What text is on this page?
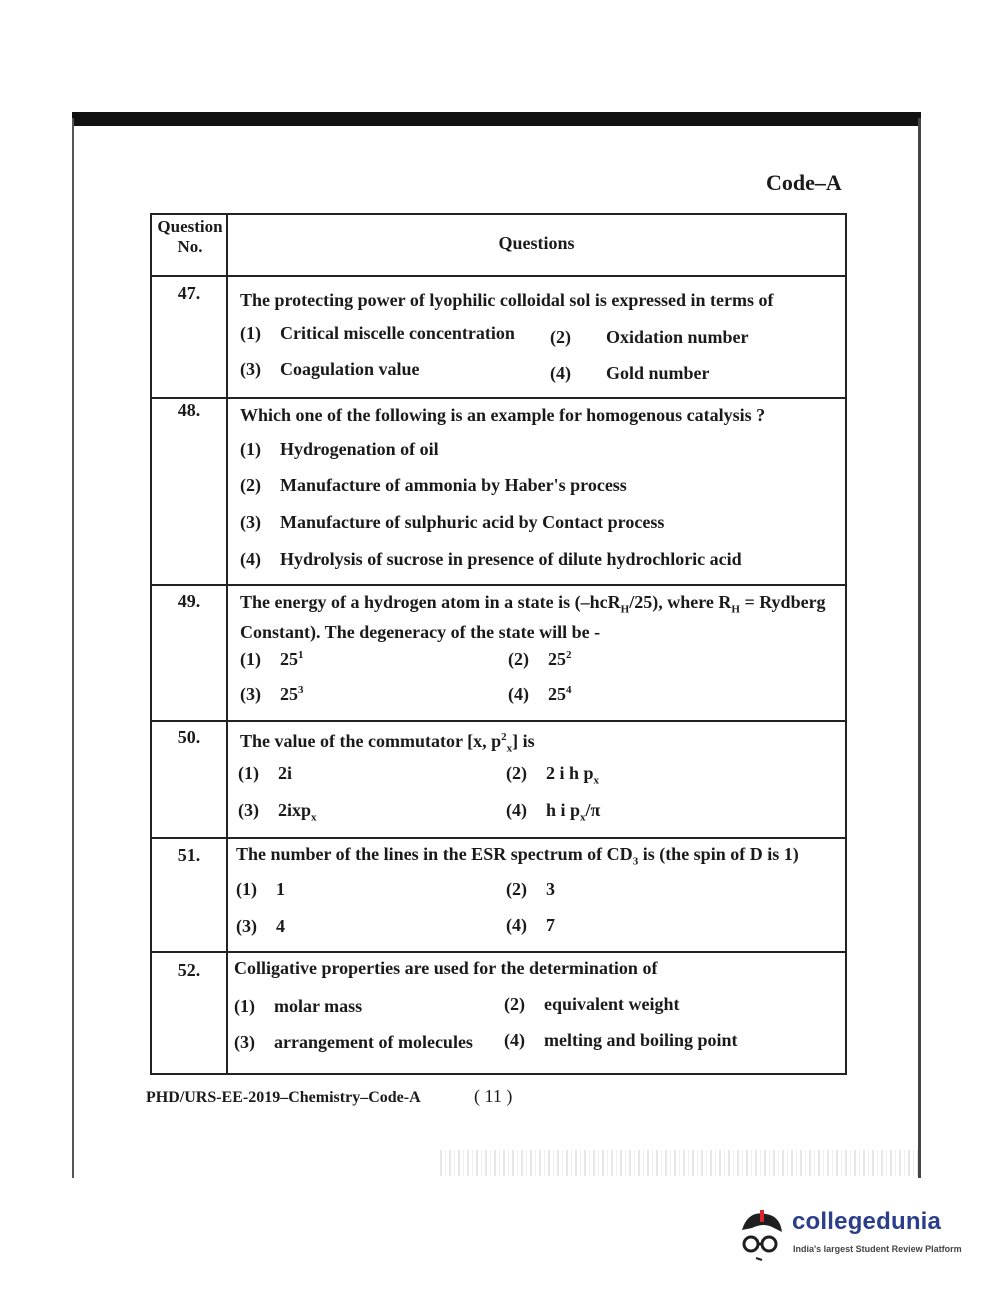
Code–A
Question
No.	Questions
47.	The protecting power of lyophilic colloidal sol is expressed in terms of
(1) Critical miscelle concentration (2) Oxidation number
(3) Coagulation value	(4) Gold number
48.	Which one of the following is an example for homogenous catalysis ?
(1) Hydrogenation of oil
(2) Manufacture of ammonia by Haber's process
(3) Manufacture of sulphuric acid by Contact process
(4) Hydrolysis of sucrose in presence of dilute hydrochloric acid
49.	The energy of a hydrogen atom in a state is (–hcR$_H$/25), where $R_H$ = Rydberg Constant). The degeneracy of the state will be -
(1) $25^1$	(2) $25^2$
(3) $25^3$	(4) $25^4$
50.	The value of the commutator [x, $p^2_x$] is
(1) 2i	(2) 2 i h $p_x$
(3) 2ixp$_x$	(4) h i $p_x/\pi$
51.	The number of the lines in the ESR spectrum of $CD_3$ is (the spin of D is 1)
(1) 1	(2) 3
(3) 4	(4) 7
52.	Colligative properties are used for the determination of
(1) molar mass	(2) equivalent weight
(3) arrangement of molecules (4) melting and boiling point
PHD/URS-EE-2019–Chemistry–Code-A	( 11 )
collegedunia
India's largest Student Review Platform
